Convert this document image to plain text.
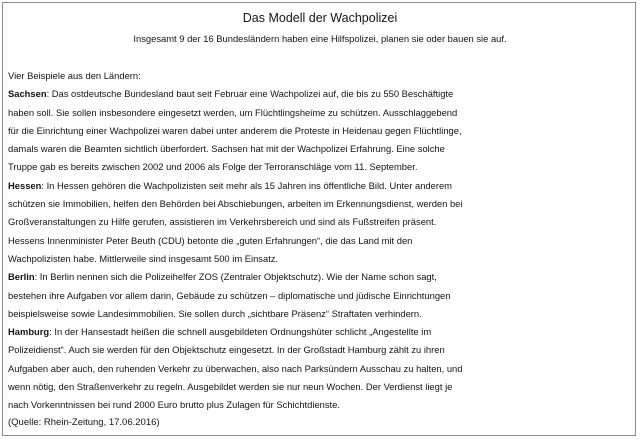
Das Modell der Wachpolizei
Insgesamt 9 der 16 Bundesländern haben eine Hilfspolizei, planen sie oder bauen sie auf.
Vier Beispiele aus den Ländern:
Sachsen: Das ostdeutsche Bundesland baut seit Februar eine Wachpolizei auf, die bis zu 550 Beschäftigte
haben soll. Sie sollen insbesondere eingesetzt werden, um Flüchtlingsheime zu schützen. Ausschlaggebend
für die Einrichtung einer Wachpolizei waren dabei unter anderem die Proteste in Heidenau gegen Flüchtlinge,
damals waren die Beamten sichtlich überfordert. Sachsen hat mit der Wachpolizei Erfahrung. Eine solche
Truppe gab es bereits zwischen 2002 und 2006 als Folge der Terroranschläge vom 11. September.
Hessen: In Hessen gehören die Wachpolizisten seit mehr als 15 Jahren ins öffentliche Bild. Unter anderem
schützen sie Immobilien, helfen den Behörden bei Abschiebungen, arbeiten im Erkennungsdienst, werden bei
Großveranstaltungen zu Hilfe gerufen, assistieren im Verkehrsbereich und sind als Fußstreifen präsent.
Hessens Innenminister Peter Beuth (CDU) betonte die „guten Erfahrungen“, die das Land mit den
Wachpolizisten habe. Mittlerweile sind insgesamt 500 im Einsatz.
Berlin: In Berlin nennen sich die Polizeihelfer ZOS (Zentraler Objektschutz). Wie der Name schon sagt,
bestehen ihre Aufgaben vor allem darin, Gebäude zu schützen – diplomatische und jüdische Einrichtungen
beispielsweise sowie Landesimmobilien. Sie sollen durch „sichtbare Präsenz“ Straftaten verhindern.
Hamburg: In der Hansestadt heißen die schnell ausgebildeten Ordnungshüter schlicht „Angestellte im
Polizeidienst“. Auch sie werden für den Objektschutz eingesetzt. In der Großstadt Hamburg zählt zu ihren
Aufgaben aber auch, den ruhenden Verkehr zu überwachen, also nach Parksündern Ausschau zu halten, und
wenn nötig, den Straßenverkehr zu regeln. Ausgebildet werden sie nur neun Wochen. Der Verdienst liegt je
nach Vorkenntnissen bei rund 2000 Euro brutto plus Zulagen für Schichtdienste.
(Quelle: Rhein-Zeitung, 17.06.2016)
